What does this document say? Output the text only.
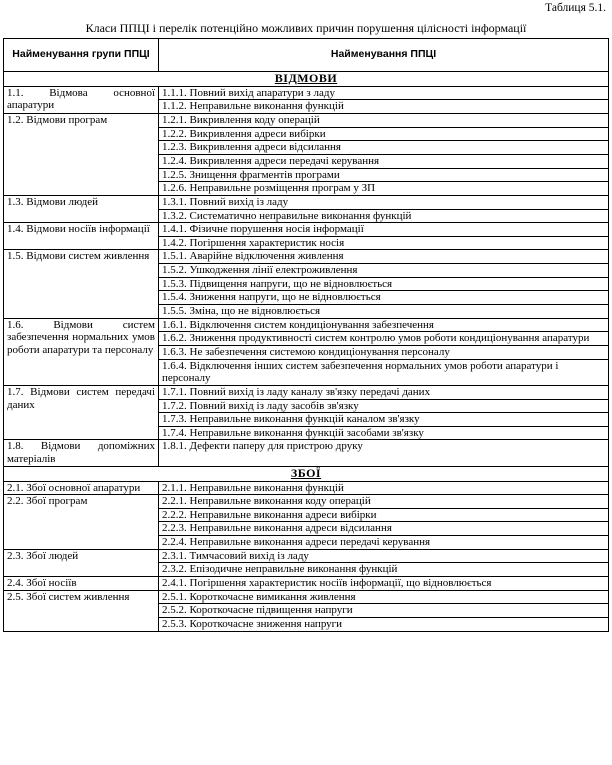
Таблиця 5.1.
Класи ППЦІ і перелік потенційно можливих причин порушення цілісності інформації
Найменування групи ППЦІ	Найменування ППЦІ
ВІДМОВИ	
1.1. Відмова основної апаратури	1.1.1. Повний вихід апаратури з ладу
	1.1.2. Неправильне виконання функцій
1.2. Відмови програм	1.2.1. Викривлення коду операцій
	1.2.2. Викривлення адреси вибірки
	1.2.3. Викривлення адреси відсилання
	1.2.4. Викривлення адреси передачі керування
	1.2.5. Знищення фрагментів програми
	1.2.6. Неправильне розміщення програм у ЗП
1.3. Відмови людей	1.3.1. Повний вихід із ладу
	1.3.2. Систематично неправильне виконання функцій
1.4. Відмови носіїв інформації	1.4.1. Фізичне порушення носія інформації
	1.4.2. Погіршення характеристик носія
1.5. Відмови систем живлення	1.5.1. Аварійне відключення живлення
	1.5.2. Ушкодження лінії електроживлення
	1.5.3. Підвищення напруги, що не відновлюється
	1.5.4. Зниження напруги, що не відновлюється
	1.5.5. Зміна, що не відновлюється
1.6. Відмови систем забезпечення нормальних умов роботи апаратури та персоналу	1.6.1. Відключення систем кондиціонування забезпечення
	1.6.2. Зниження продуктивності систем контролю умов роботи кондиціонування апаратури
	1.6.3. Не забезпечення системою кондиціонування персоналу
	1.6.4. Відключення інших систем забезпечення нормальних умов роботи апаратури і персоналу
1.7. Відмови систем передачі даних	1.7.1. Повний вихід із ладу каналу зв'язку передачі даних
	1.7.2. Повний вихід із ладу засобів зв'язку
	1.7.3. Неправильне виконання функцій каналом зв'язку
	1.7.4. Неправильне виконання функцій засобами зв'язку
1.8. Відмови допоміжних матеріалів	1.8.1. Дефекти паперу для пристрою друку
ЗБОЇ	
2.1. Збої основної апаратури	2.1.1. Неправильне виконання функцій
2.2. Збої програм	2.2.1. Неправильне виконання коду операцій
	2.2.2. Неправильне виконання адреси вибірки
	2.2.3. Неправильне виконання адреси відсилання
	2.2.4. Неправильне виконання адреси передачі керування
2.3. Збої людей	2.3.1. Тимчасовий вихід із ладу
	2.3.2. Епізодичне неправильне виконання функцій
2.4. Збої носіїв	2.4.1. Погіршення характеристик носіїв інформації, що відновлюється
2.5. Збої систем живлення	2.5.1. Короткочасне вимикання живлення
	2.5.2. Короткочасне підвищення напруги
	2.5.3. Короткочасне зниження напруги
